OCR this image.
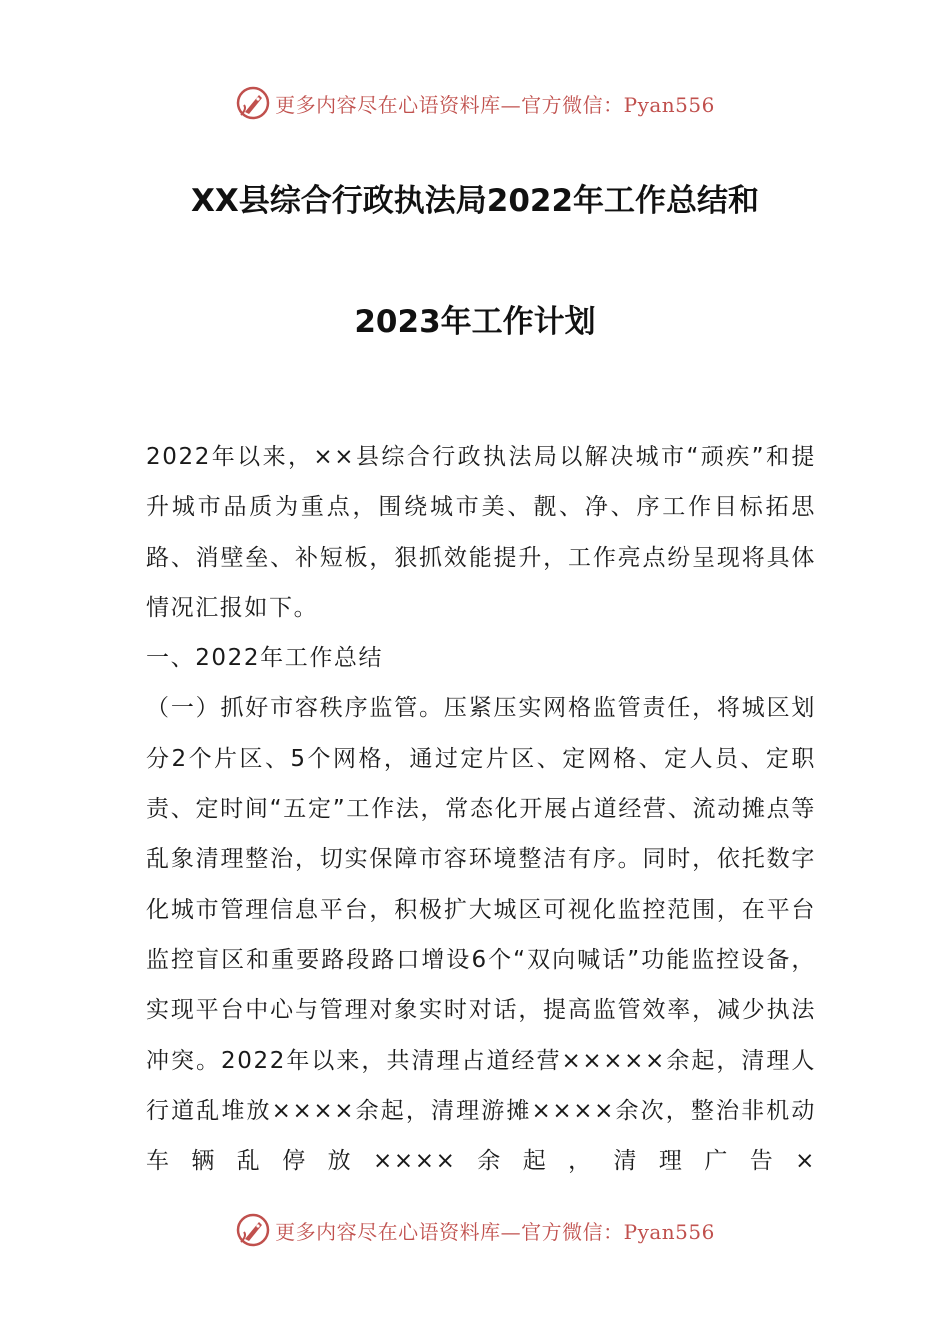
更多内容尽在心语资料库—官方微信：Pyan556
XX县综合行政执法局2022年工作总结和
2023年工作计划

2022年以来，××县综合行政执法局以解决城市“顽疾”和提升城市品质为重点，围绕城市美、靓、净、序工作目标拓思路、消壁垒、补短板，狠抓效能提升，工作亮点纷呈现将具体情况汇报如下。

一、2022年工作总结

（一）抓好市容秩序监管。压紧压实网格监管责任，将城区划分2个片区、5个网格，通过定片区、定网格、定人员、定职责、定时间“五定”工作法，常态化开展占道经营、流动摊点等乱象清理整治，切实保障市容环境整洁有序。同时，依托数字化城市管理信息平台，积极扩大城区可视化监控范围，在平台监控盲区和重要路段路口增设6个“双向喊话”功能监控设备，实现平台中心与管理对象实时对话，提高监管效率，减少执法冲突。2022年以来，共清理占道经营×××××余起，清理人行道乱堆放××××余起，清理游摊××××余次，整治非机动车辆乱停放××××余起，清理广告×

更多内容尽在心语资料库—官方微信：Pyan556
